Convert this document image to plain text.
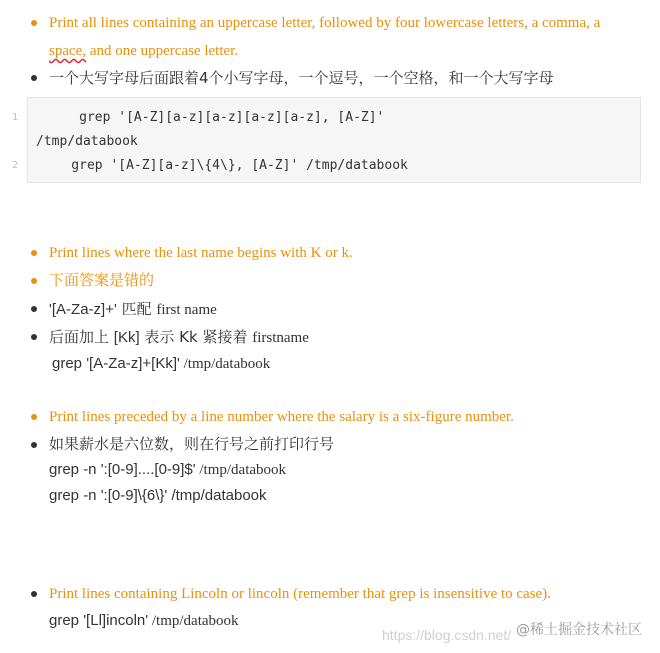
Print all lines containing an uppercase letter, followed by four lowercase letters, a comma, a
space, and one uppercase letter.
一个大写字母后面跟着4个小写字母，一个逗号，一个空格，和一个大写字母
1 grep '[A-Z][a-z][a-z][a-z][a-z], [A-Z]'
/tmp/databook
2 grep '[A-Z][a-z]\{4\}, [A-Z]' /tmp/databook
Print lines where the last name begins with K or k.
下面答案是错的
'[A-Za-z]+' 匹配 first name
后面加上 [Kk] 表示 Kk 紧接着 firstname
grep '[A-Za-z]+[Kk]' /tmp/databook
Print lines preceded by a line number where the salary is a six-figure number.
如果薪水是六位数，则在行号之前打印行号
grep -n ':[0-9]....[0-9]$' /tmp/databook
grep -n ':[0-9]\{6\}' /tmp/databook
Print lines containing Lincoln or lincoln (remember that grep is insensitive to case).
grep '[Ll]incoln' /tmp/databook
https://blog.csdn.net/ @稀土掘金技术社区
